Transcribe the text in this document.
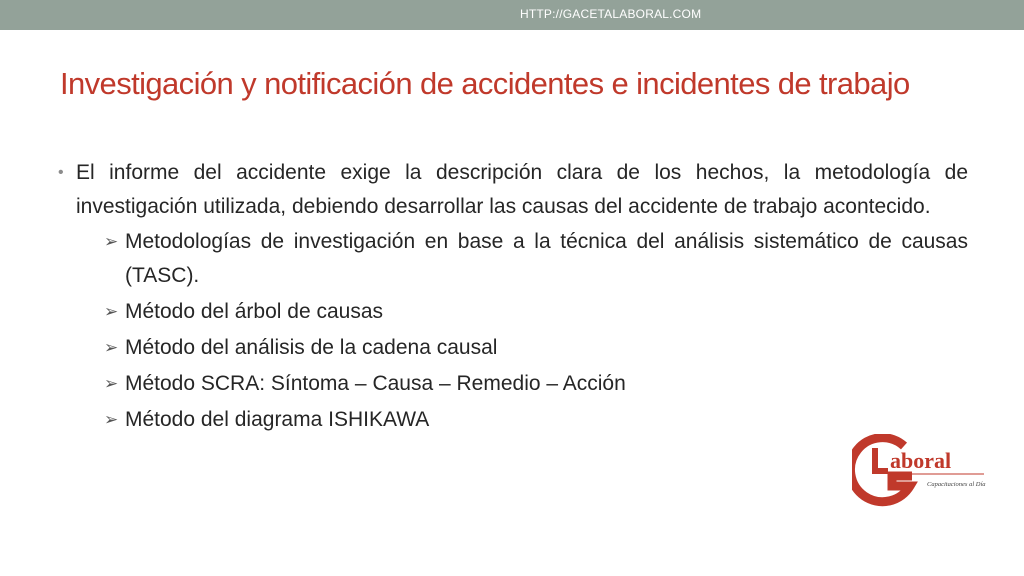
HTTP://GACETALABORAL.COM
Investigación y notificación de accidentes e incidentes de trabajo

• El informe del accidente exige la descripción clara de los hechos, la metodología de investigación utilizada, debiendo desarrollar las causas del accidente de trabajo acontecido.

➢ Metodologías de investigación en base a la técnica del análisis sistemático de causas (TASC).

➢ Método del árbol de causas

➢ Método del análisis de la cadena causal

➢ Método SCRA: Síntoma – Causa – Remedio – Acción

➢ Método del diagrama ISHIKAWA

aboral
Capacitaciones al Día
